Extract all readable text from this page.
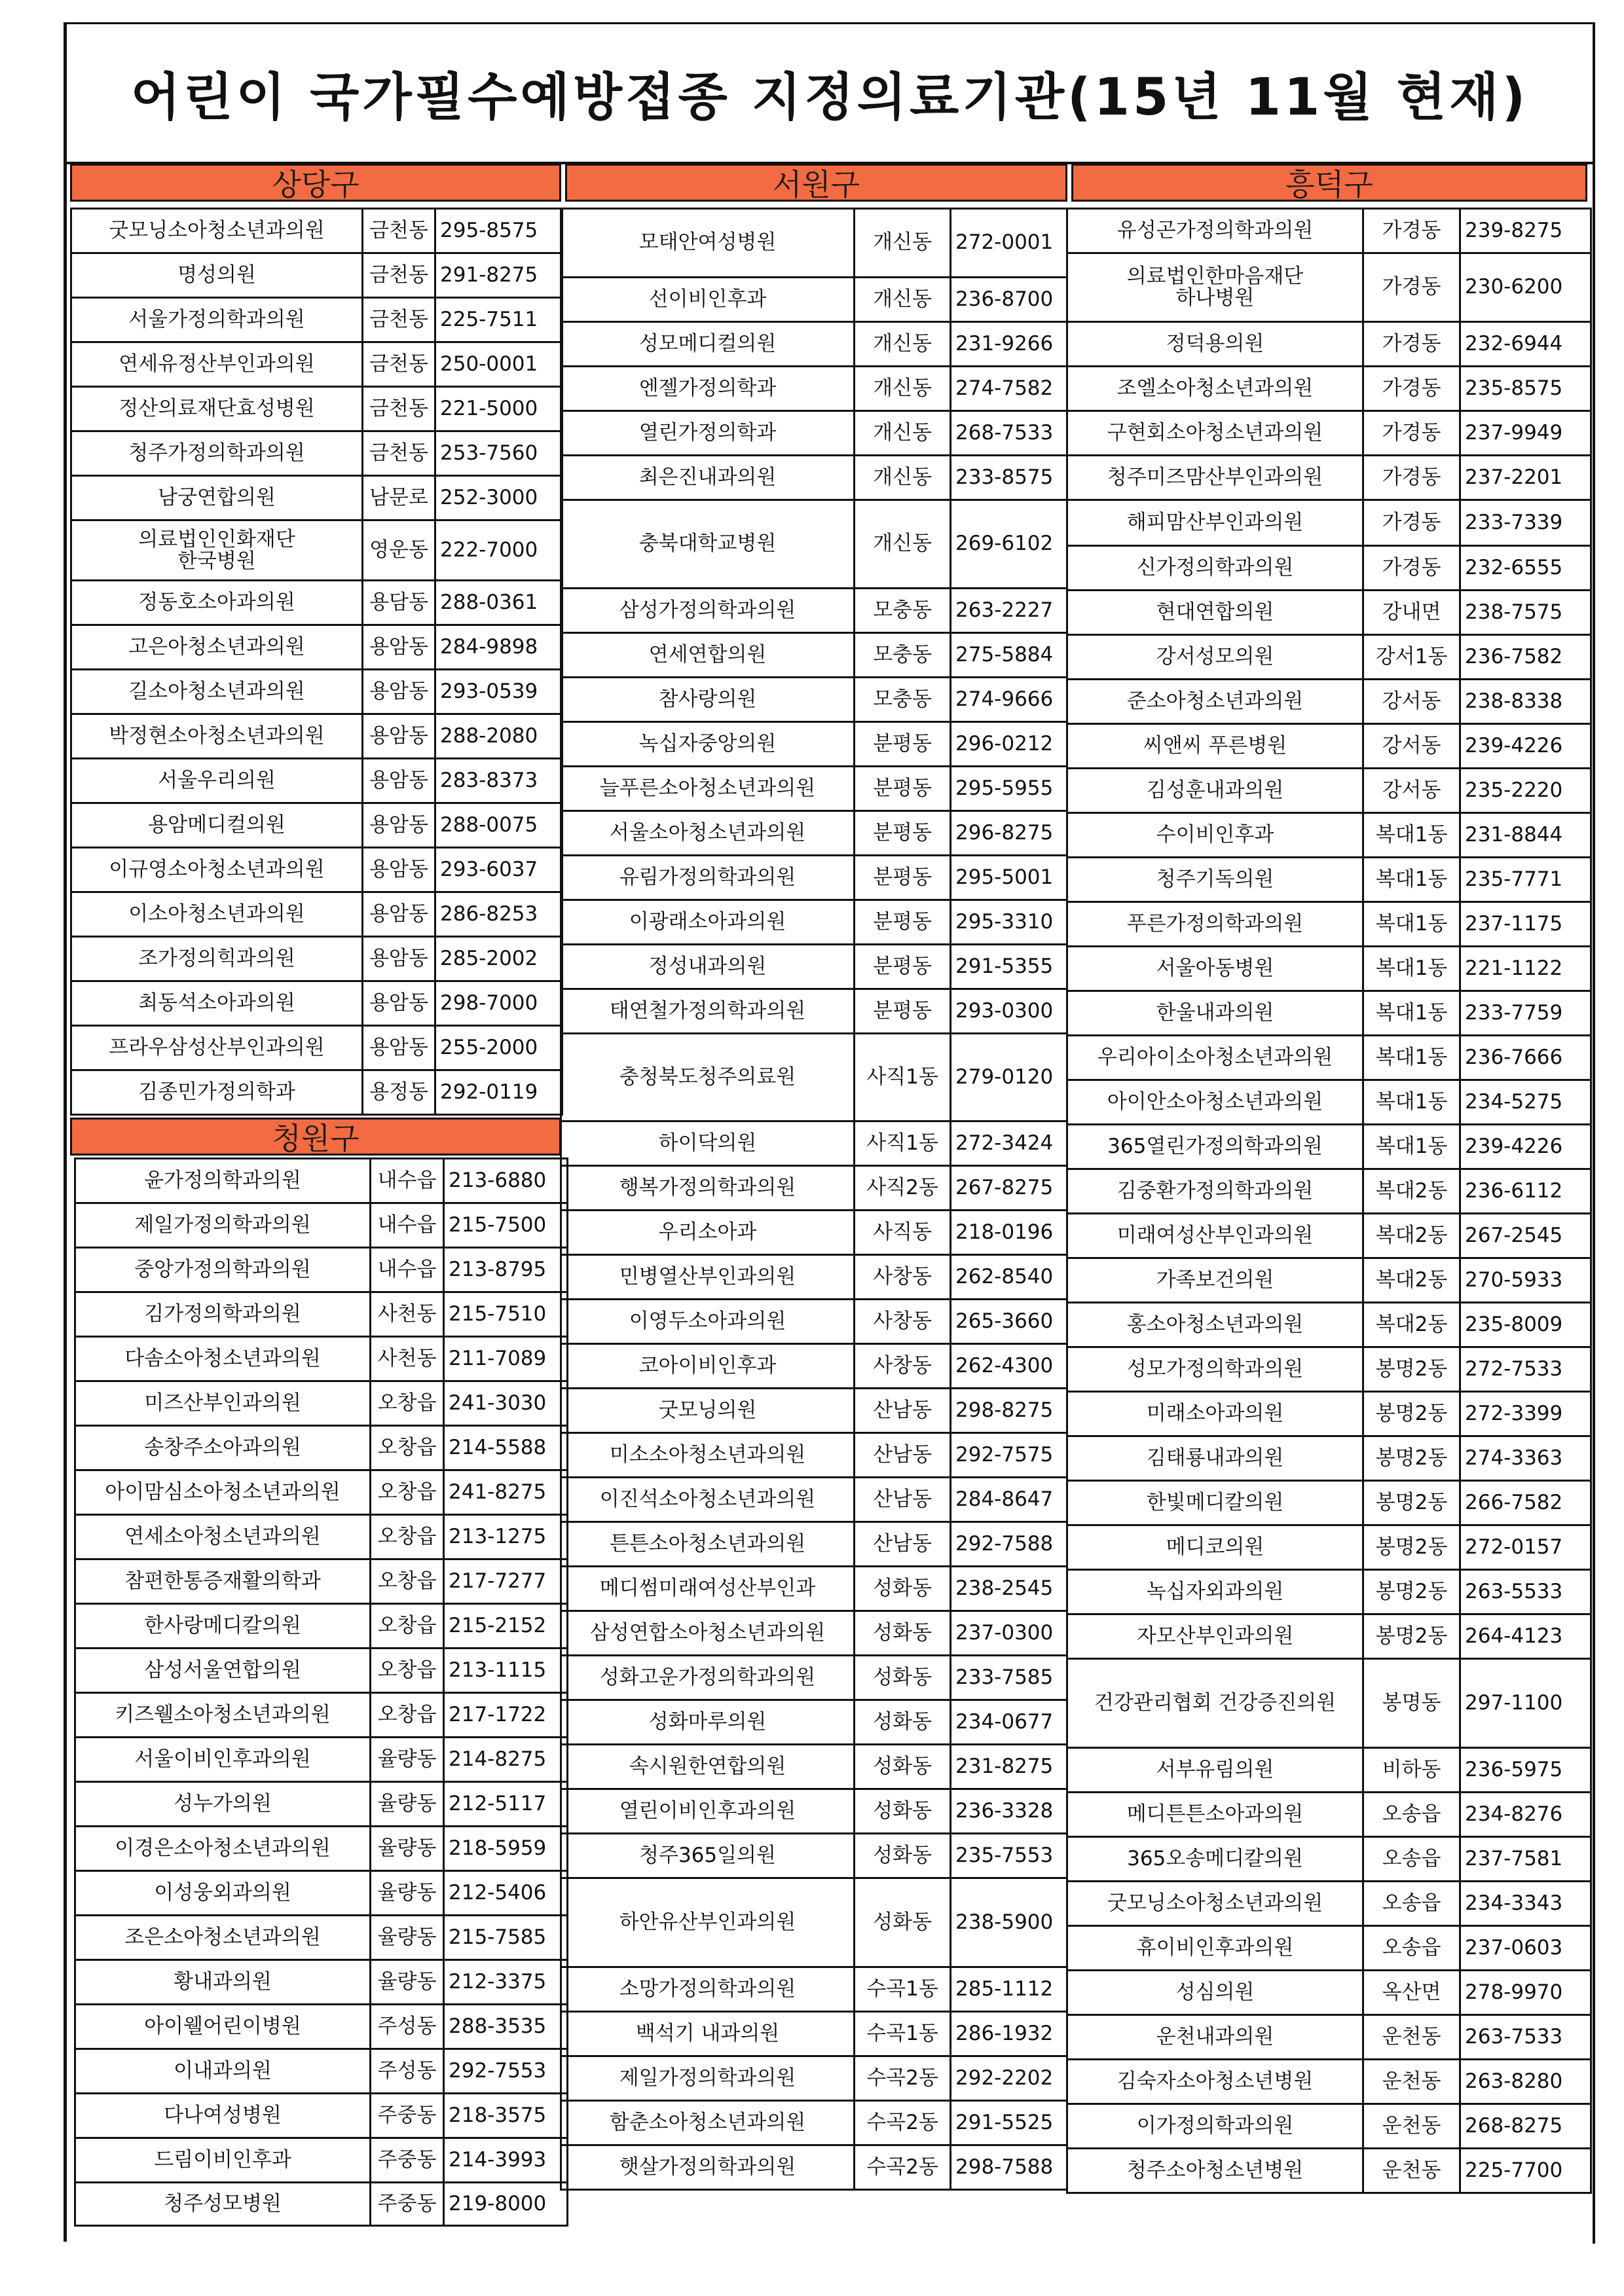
어린이 국가필수예방접종 지정의료기관(15년 11월 현재)
상당구
굿모닝소아청소년과의원	금천동	295-8575
명성의원	금천동	291-8275
서울가정의학과의원	금천동	225-7511
연세유정산부인과의원	금천동	250-0001
정산의료재단효성병원	금천동	221-5000
청주가정의학과의원	금천동	253-7560
남궁연합의원	남문로	252-3000
의료법인인화재단
한국병원	영운동	222-7000
정동호소아과의원	용담동	288-0361
고은아청소년과의원	용암동	284-9898
길소아청소년과의원	용암동	293-0539
박정현소아청소년과의원	용암동	288-2080
서울우리의원	용암동	283-8373
용암메디컬의원	용암동	288-0075
이규영소아청소년과의원	용암동	293-6037
이소아청소년과의원	용암동	286-8253
조가정의힉과의원	용암동	285-2002
최동석소아과의원	용암동	298-7000
프라우삼성산부인과의원	용암동	255-2000
김종민가정의학과	용정동	292-0119
청원구
윤가정의학과의원	내수읍	213-6880
제일가정의학과의원	내수읍	215-7500
중앙가정의학과의원	내수읍	213-8795
김가정의학과의원	사천동	215-7510
다솜소아청소년과의원	사천동	211-7089
미즈산부인과의원	오창읍	241-3030
송창주소아과의원	오창읍	214-5588
아이맘심소아청소년과의원	오창읍	241-8275
연세소아청소년과의원	오창읍	213-1275
참편한통증재활의학과	오창읍	217-7277
한사랑메디칼의원	오창읍	215-2152
삼성서울연합의원	오창읍	213-1115
키즈웰소아청소년과의원	오창읍	217-1722
서울이비인후과의원	율량동	214-8275
성누가의원	율량동	212-5117
이경은소아청소년과의원	율량동	218-5959
이성웅외과의원	율량동	212-5406
조은소아청소년과의원	율량동	215-7585
황내과의원	율량동	212-3375
아이웰어린이병원	주성동	288-3535
이내과의원	주성동	292-7553
다나여성병원	주중동	218-3575
드림이비인후과	주중동	214-3993
청주성모병원	주중동	219-8000
서원구
모태안여성병원	개신동	272-0001
선이비인후과	개신동	236-8700
성모메디컬의원	개신동	231-9266
엔젤가정의학과	개신동	274-7582
열린가정의학과	개신동	268-7533
최은진내과의원	개신동	233-8575
충북대학교병원	개신동	269-6102
삼성가정의학과의원	모충동	263-2227
연세연합의원	모충동	275-5884
참사랑의원	모충동	274-9666
녹십자중앙의원	분평동	296-0212
늘푸른소아청소년과의원	분평동	295-5955
서울소아청소년과의원	분평동	296-8275
유림가정의학과의원	분평동	295-5001
이광래소아과의원	분평동	295-3310
정성내과의원	분평동	291-5355
태연철가정의학과의원	분평동	293-0300
충청북도청주의료원	사직1동	279-0120
하이닥의원	사직1동	272-3424
행복가정의학과의원	사직2동	267-8275
우리소아과	사직동	218-0196
민병열산부인과의원	사창동	262-8540
이영두소아과의원	사창동	265-3660
코아이비인후과	사창동	262-4300
굿모닝의원	산남동	298-8275
미소소아청소년과의원	산남동	292-7575
이진석소아청소년과의원	산남동	284-8647
튼튼소아청소년과의원	산남동	292-7588
메디썸미래여성산부인과	성화동	238-2545
삼성연합소아청소년과의원	성화동	237-0300
성화고운가정의학과의원	성화동	233-7585
성화마루의원	성화동	234-0677
속시원한연합의원	성화동	231-8275
열린이비인후과의원	성화동	236-3328
청주365일의원	성화동	235-7553
하안유산부인과의원	성화동	238-5900
소망가정의학과의원	수곡1동	285-1112
백석기 내과의원	수곡1동	286-1932
제일가정의학과의원	수곡2동	292-2202
함춘소아청소년과의원	수곡2동	291-5525
햇살가정의학과의원	수곡2동	298-7588
흥덕구
유성곤가정의학과의원	가경동	239-8275
의료법인한마음재단
하나병원	가경동	230-6200
정덕용의원	가경동	232-6944
조엘소아청소년과의원	가경동	235-8575
구현회소아청소년과의원	가경동	237-9949
청주미즈맘산부인과의원	가경동	237-2201
해피맘산부인과의원	가경동	233-7339
신가정의학과의원	가경동	232-6555
현대연합의원	강내면	238-7575
강서성모의원	강서1동	236-7582
준소아청소년과의원	강서동	238-8338
씨앤씨 푸른병원	강서동	239-4226
김성훈내과의원	강서동	235-2220
수이비인후과	복대1동	231-8844
청주기독의원	복대1동	235-7771
푸른가정의학과의원	복대1동	237-1175
서울아동병원	복대1동	221-1122
한울내과의원	복대1동	233-7759
우리아이소아청소년과의원	복대1동	236-7666
아이안소아청소년과의원	복대1동	234-5275
365열린가정의학과의원	복대1동	239-4226
김중환가정의학과의원	복대2동	236-6112
미래여성산부인과의원	복대2동	267-2545
가족보건의원	복대2동	270-5933
홍소아청소년과의원	복대2동	235-8009
성모가정의학과의원	봉명2동	272-7533
미래소아과의원	봉명2동	272-3399
김태룡내과의원	봉명2동	274-3363
한빛메디칼의원	봉명2동	266-7582
메디코의원	봉명2동	272-0157
녹십자외과의원	봉명2동	263-5533
자모산부인과의원	봉명2동	264-4123
건강관리협회 건강증진의원	봉명동	297-1100
서부유림의원	비하동	236-5975
메디튼튼소아과의원	오송읍	234-8276
365오송메디칼의원	오송읍	237-7581
굿모닝소아청소년과의원	오송읍	234-3343
휴이비인후과의원	오송읍	237-0603
성심의원	옥산면	278-9970
운천내과의원	운천동	263-7533
김숙자소아청소년병원	운천동	263-8280
이가정의학과의원	운천동	268-8275
청주소아청소년병원	운천동	225-7700
